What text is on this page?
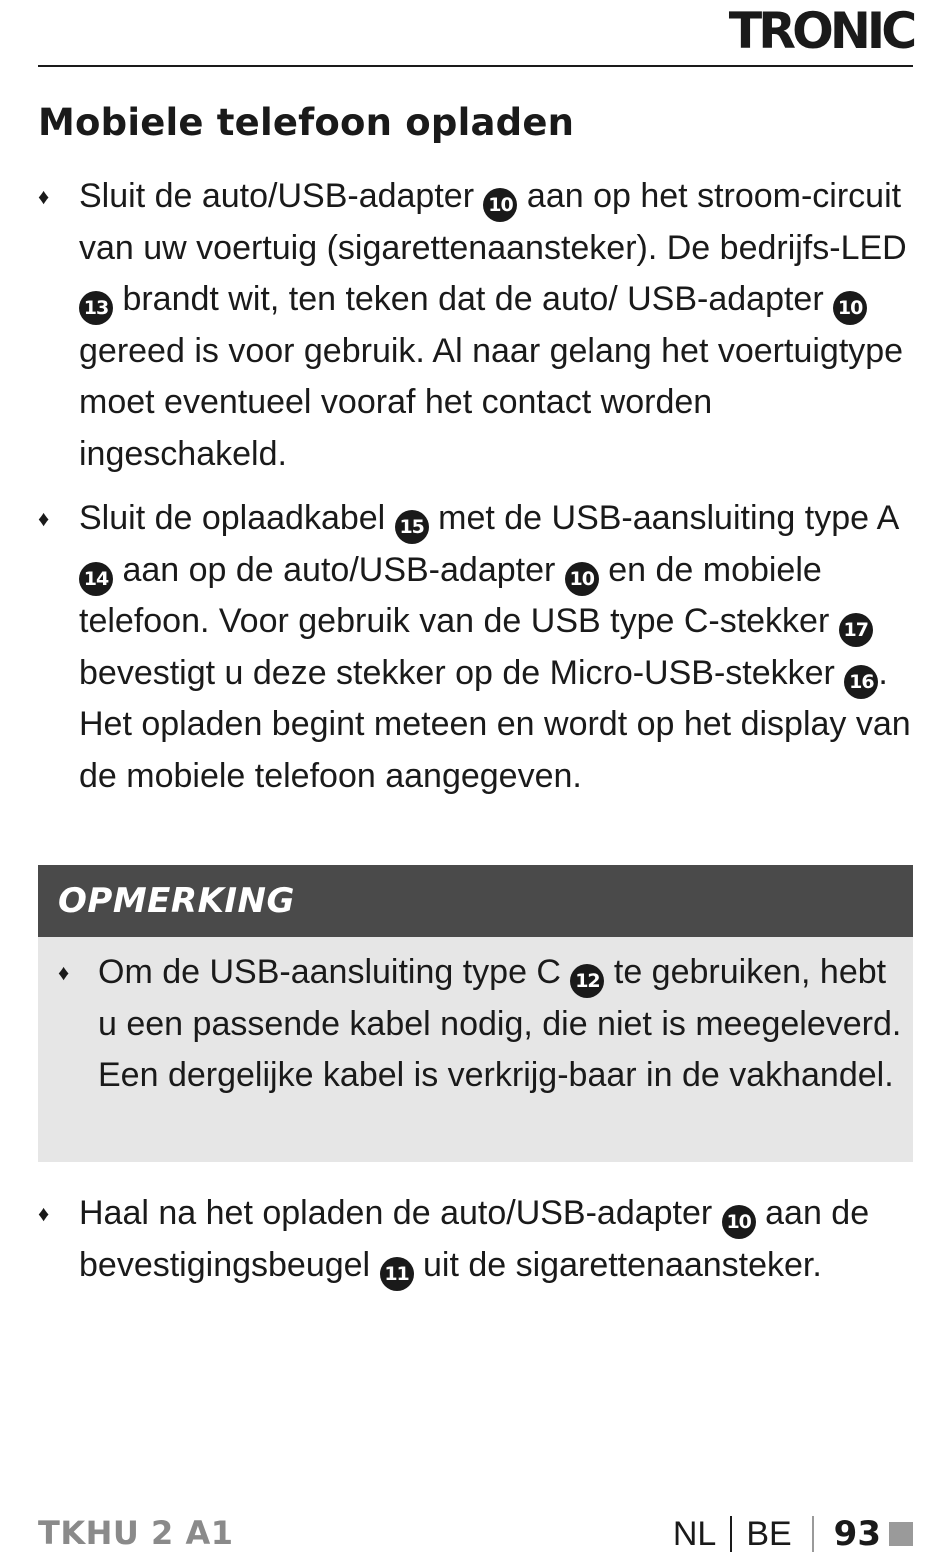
TRONIC
Mobiele telefoon opladen
♦ Sluit de auto/USB-adapter 10 aan op het stroom-circuit van uw voertuig (sigarettenaansteker). De bedrijfs-LED 13 brandt wit, ten teken dat de auto/ USB-adapter 10 gereed is voor gebruik. Al naar gelang het voertuigtype moet eventueel vooraf het contact worden ingeschakeld.
♦ Sluit de oplaadkabel 15 met de USB-aansluiting type A 14 aan op de auto/USB-adapter 10 en de mobiele telefoon. Voor gebruik van de USB type C-stekker 17 bevestigt u deze stekker op de Micro-USB-stekker 16 . Het opladen begint meteen en wordt op het display van de mobiele telefoon aangegeven.
OPMERKING
♦ Om de USB-aansluiting type C 12 te gebruiken, hebt u een passende kabel nodig, die niet is meegeleverd. Een dergelijke kabel is verkrijg-baar in de vakhandel.
♦ Haal na het opladen de auto/USB-adapter 10 aan de bevestigingsbeugel 11 uit de sigarettenaansteker.
TKHU 2 A1	NL BE 93
